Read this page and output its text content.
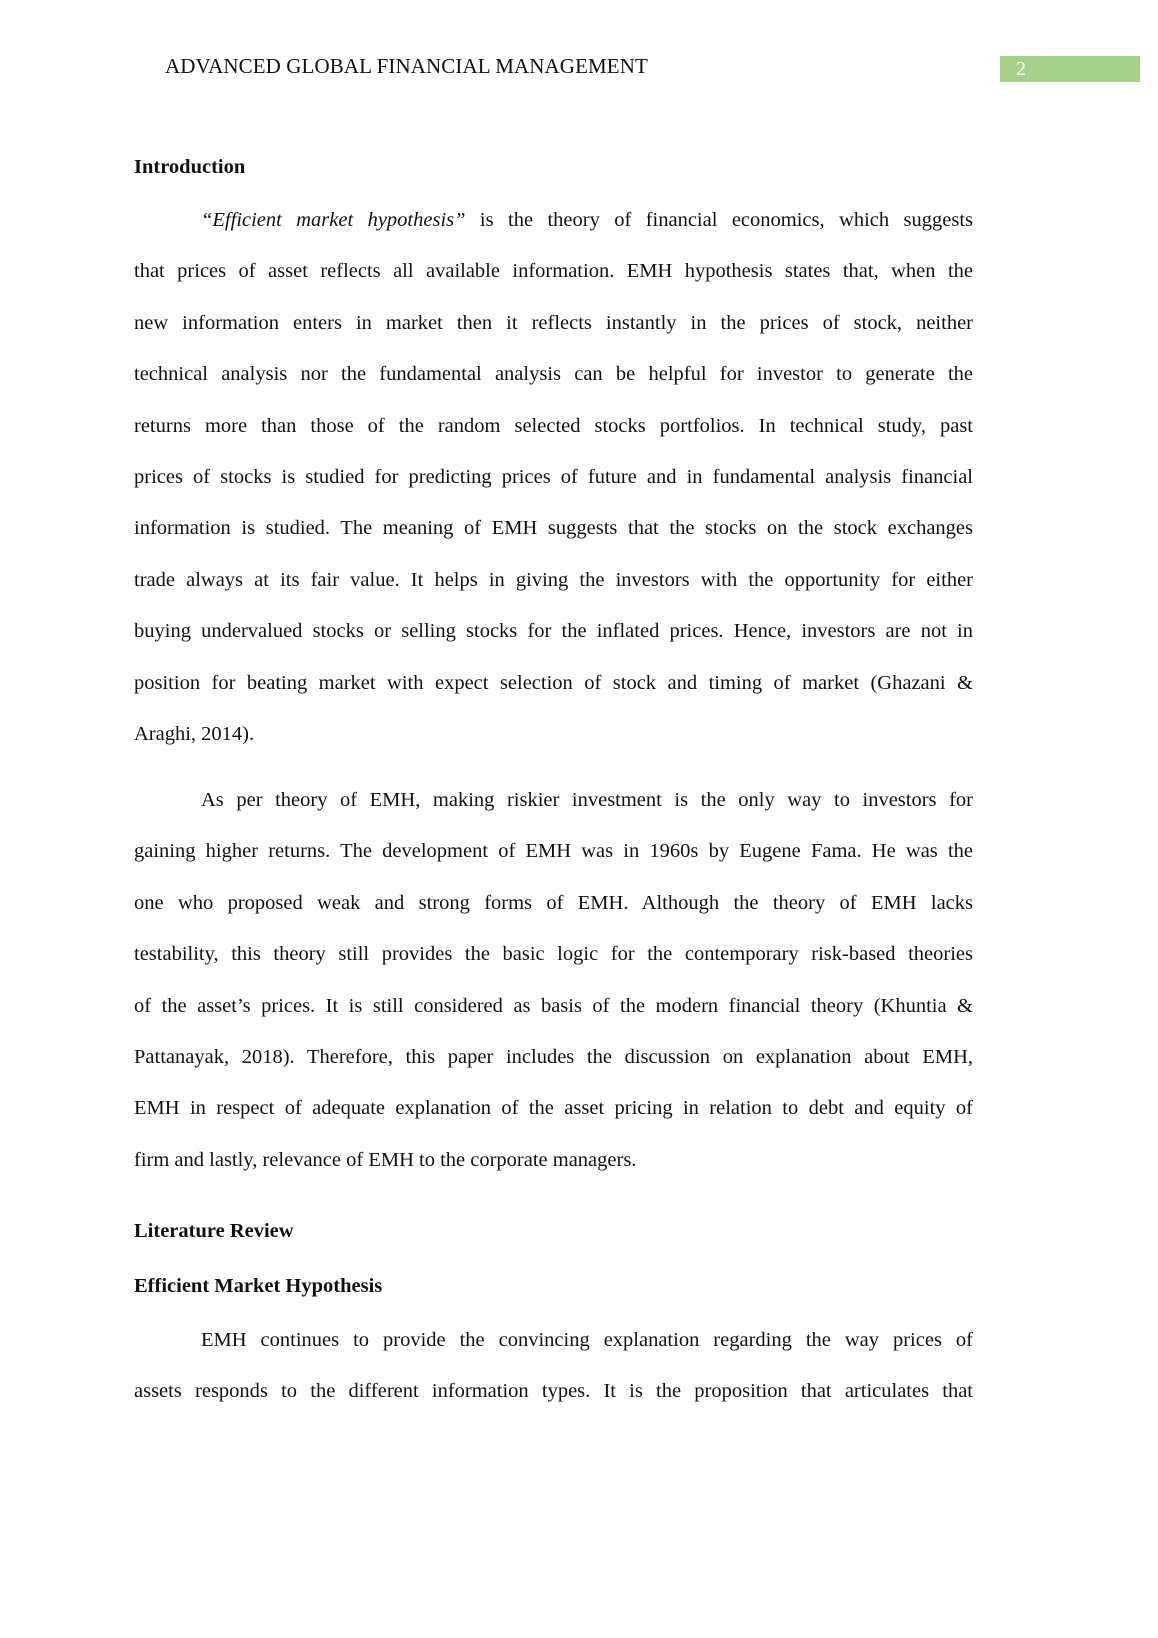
ADVANCED GLOBAL FINANCIAL MANAGEMENT	2
Introduction
“Efficient market hypothesis” is the theory of financial economics, which suggests
that prices of asset reflects all available information. EMH hypothesis states that, when the
new information enters in market then it reflects instantly in the prices of stock, neither
technical analysis nor the fundamental analysis can be helpful for investor to generate the
returns more than those of the random selected stocks portfolios. In technical study, past
prices of stocks is studied for predicting prices of future and in fundamental analysis financial
information is studied. The meaning of EMH suggests that the stocks on the stock exchanges
trade always at its fair value. It helps in giving the investors with the opportunity for either
buying undervalued stocks or selling stocks for the inflated prices. Hence, investors are not in
position for beating market with expect selection of stock and timing of market (Ghazani &
Araghi, 2014).
As per theory of EMH, making riskier investment is the only way to investors for
gaining higher returns. The development of EMH was in 1960s by Eugene Fama. He was the
one who proposed weak and strong forms of EMH. Although the theory of EMH lacks
testability, this theory still provides the basic logic for the contemporary risk-based theories
of the asset’s prices. It is still considered as basis of the modern financial theory (Khuntia &
Pattanayak, 2018). Therefore, this paper includes the discussion on explanation about EMH,
EMH in respect of adequate explanation of the asset pricing in relation to debt and equity of
firm and lastly, relevance of EMH to the corporate managers.
Literature Review
Efficient Market Hypothesis
EMH continues to provide the convincing explanation regarding the way prices of
assets responds to the different information types. It is the proposition that articulates that
